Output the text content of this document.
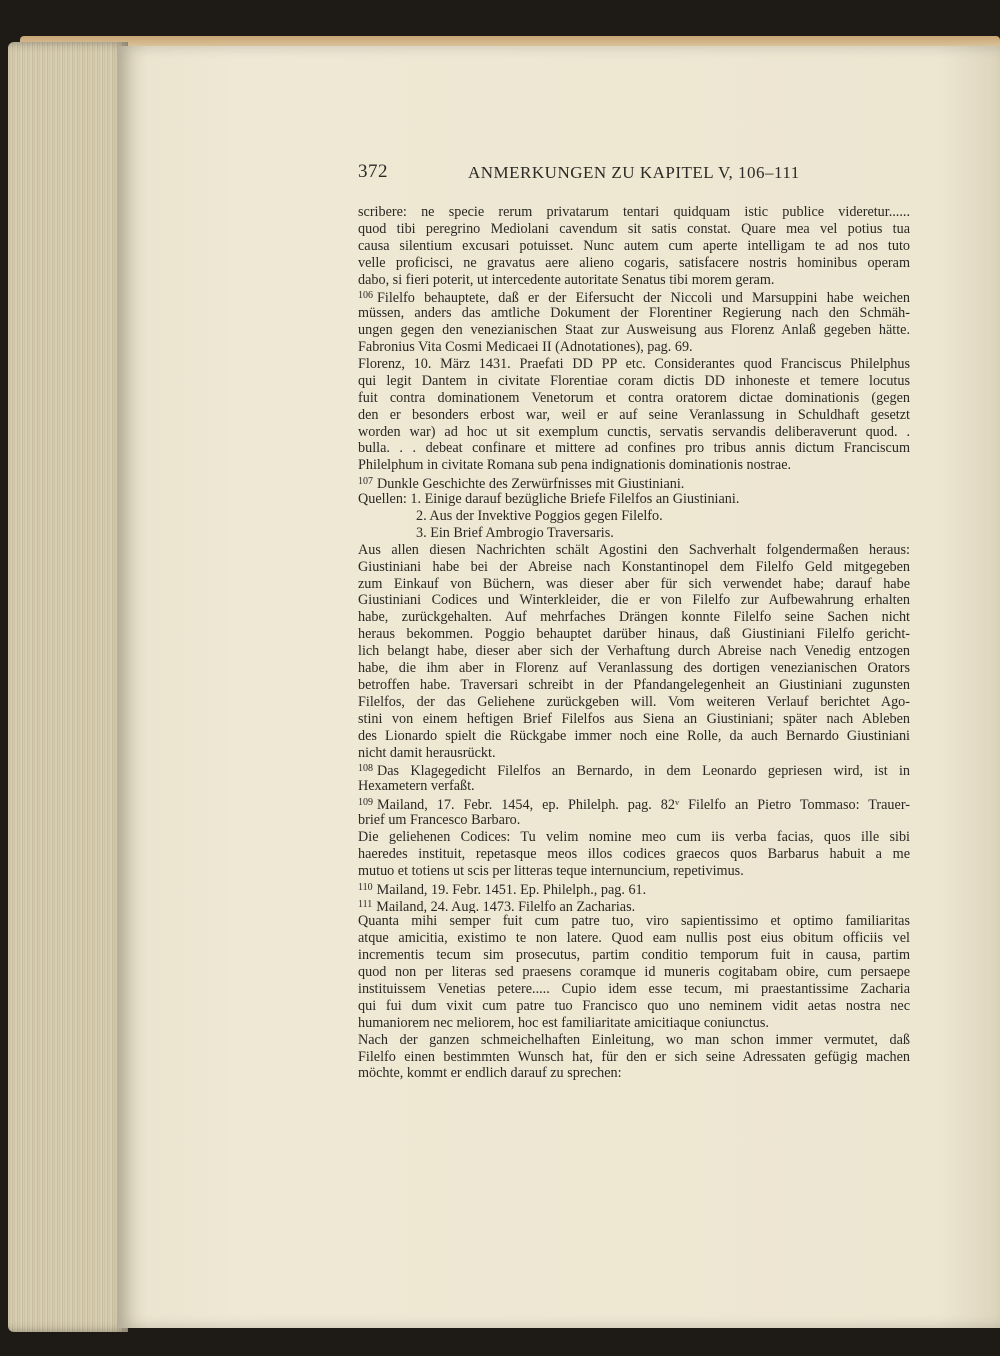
372	ANMERKUNGEN ZU KAPITEL V, 106–111
scribere: ne specie rerum privatarum tentari quidquam istic publice videretur......
quod tibi peregrino Mediolani cavendum sit satis constat. Quare mea vel potius tua
causa silentium excusari potuisset. Nunc autem cum aperte intelligam te ad nos tuto
velle proficisci, ne gravatus aere alieno cogaris, satisfacere nostris hominibus operam
dabo, si fieri poterit, ut intercedente autoritate Senatus tibi morem geram.
$^{106}$ Filelfo behauptete, daß er der Eifersucht der Niccoli und Marsuppini habe weichen
müssen, anders das amtliche Dokument der Florentiner Regierung nach den Schmäh-
ungen gegen den venezianischen Staat zur Ausweisung aus Florenz Anlaß gegeben hätte.
Fabronius Vita Cosmi Medicaei II (Adnotationes), pag. 69.
Florenz, 10. März 1431. Praefati DD PP etc. Considerantes quod Franciscus Philelphus
qui legit Dantem in civitate Florentiae coram dictis DD inhoneste et temere locutus
fuit contra dominationem Venetorum et contra oratorem dictae dominationis (gegen
den er besonders erbost war, weil er auf seine Veranlassung in Schuldhaft gesetzt
worden war) ad hoc ut sit exemplum cunctis, servatis servandis deliberaverunt quod. .
bulla. . . debeat confinare et mittere ad confines pro tribus annis dictum Franciscum
Philelphum in civitate Romana sub pena indignationis dominationis nostrae.
$^{107}$ Dunkle Geschichte des Zerwürfnisses mit Giustiniani.
Quellen: 1. Einige darauf bezügliche Briefe Filelfos an Giustiniani.
2. Aus der Invektive Poggios gegen Filelfo.
3. Ein Brief Ambrogio Traversaris.
Aus allen diesen Nachrichten schält Agostini den Sachverhalt folgendermaßen heraus:
Giustiniani habe bei der Abreise nach Konstantinopel dem Filelfo Geld mitgegeben
zum Einkauf von Büchern, was dieser aber für sich verwendet habe; darauf habe
Giustiniani Codices und Winterkleider, die er von Filelfo zur Aufbewahrung erhalten
habe, zurückgehalten. Auf mehrfaches Drängen konnte Filelfo seine Sachen nicht
heraus bekommen. Poggio behauptet darüber hinaus, daß Giustiniani Filelfo gericht-
lich belangt habe, dieser aber sich der Verhaftung durch Abreise nach Venedig entzogen
habe, die ihm aber in Florenz auf Veranlassung des dortigen venezianischen Orators
betroffen habe. Traversari schreibt in der Pfandangelegenheit an Giustiniani zugunsten
Filelfos, der das Geliehene zurückgeben will. Vom weiteren Verlauf berichtet Ago-
stini von einem heftigen Brief Filelfos aus Siena an Giustiniani; später nach Ableben
des Lionardo spielt die Rückgabe immer noch eine Rolle, da auch Bernardo Giustiniani
nicht damit herausrückt.
$^{108}$ Das Klagegedicht Filelfos an Bernardo, in dem Leonardo gepriesen wird, ist in
Hexametern verfaßt.
$^{109}$ Mailand, 17. Febr. 1454, ep. Philelph. pag. 82ᵛ Filelfo an Pietro Tommaso: Trauer-
brief um Francesco Barbaro.
Die geliehenen Codices: Tu velim nomine meo cum iis verba facias, quos ille sibi
haeredes instituit, repetasque meos illos codices graecos quos Barbarus habuit a me
mutuo et totiens ut scis per litteras teque internuncium, repetivimus.
$^{110}$ Mailand, 19. Febr. 1451. Ep. Philelph., pag. 61.
$^{111}$ Mailand, 24. Aug. 1473. Filelfo an Zacharias.
Quanta mihi semper fuit cum patre tuo, viro sapientissimo et optimo familiaritas
atque amicitia, existimo te non latere. Quod eam nullis post eius obitum officiis vel
incrementis tecum sim prosecutus, partim conditio temporum fuit in causa, partim
quod non per literas sed praesens coramque id muneris cogitabam obire, cum persaepe
instituissem Venetias petere..... Cupio idem esse tecum, mi praestantissime Zacharia
qui fui dum vixit cum patre tuo Francisco quo uno neminem vidit aetas nostra nec
humaniorem nec meliorem, hoc est familiaritate amicitiaque coniunctus.
Nach der ganzen schmeichelhaften Einleitung, wo man schon immer vermutet, daß
Filelfo einen bestimmten Wunsch hat, für den er sich seine Adressaten gefügig machen
möchte, kommt er endlich darauf zu sprechen:
